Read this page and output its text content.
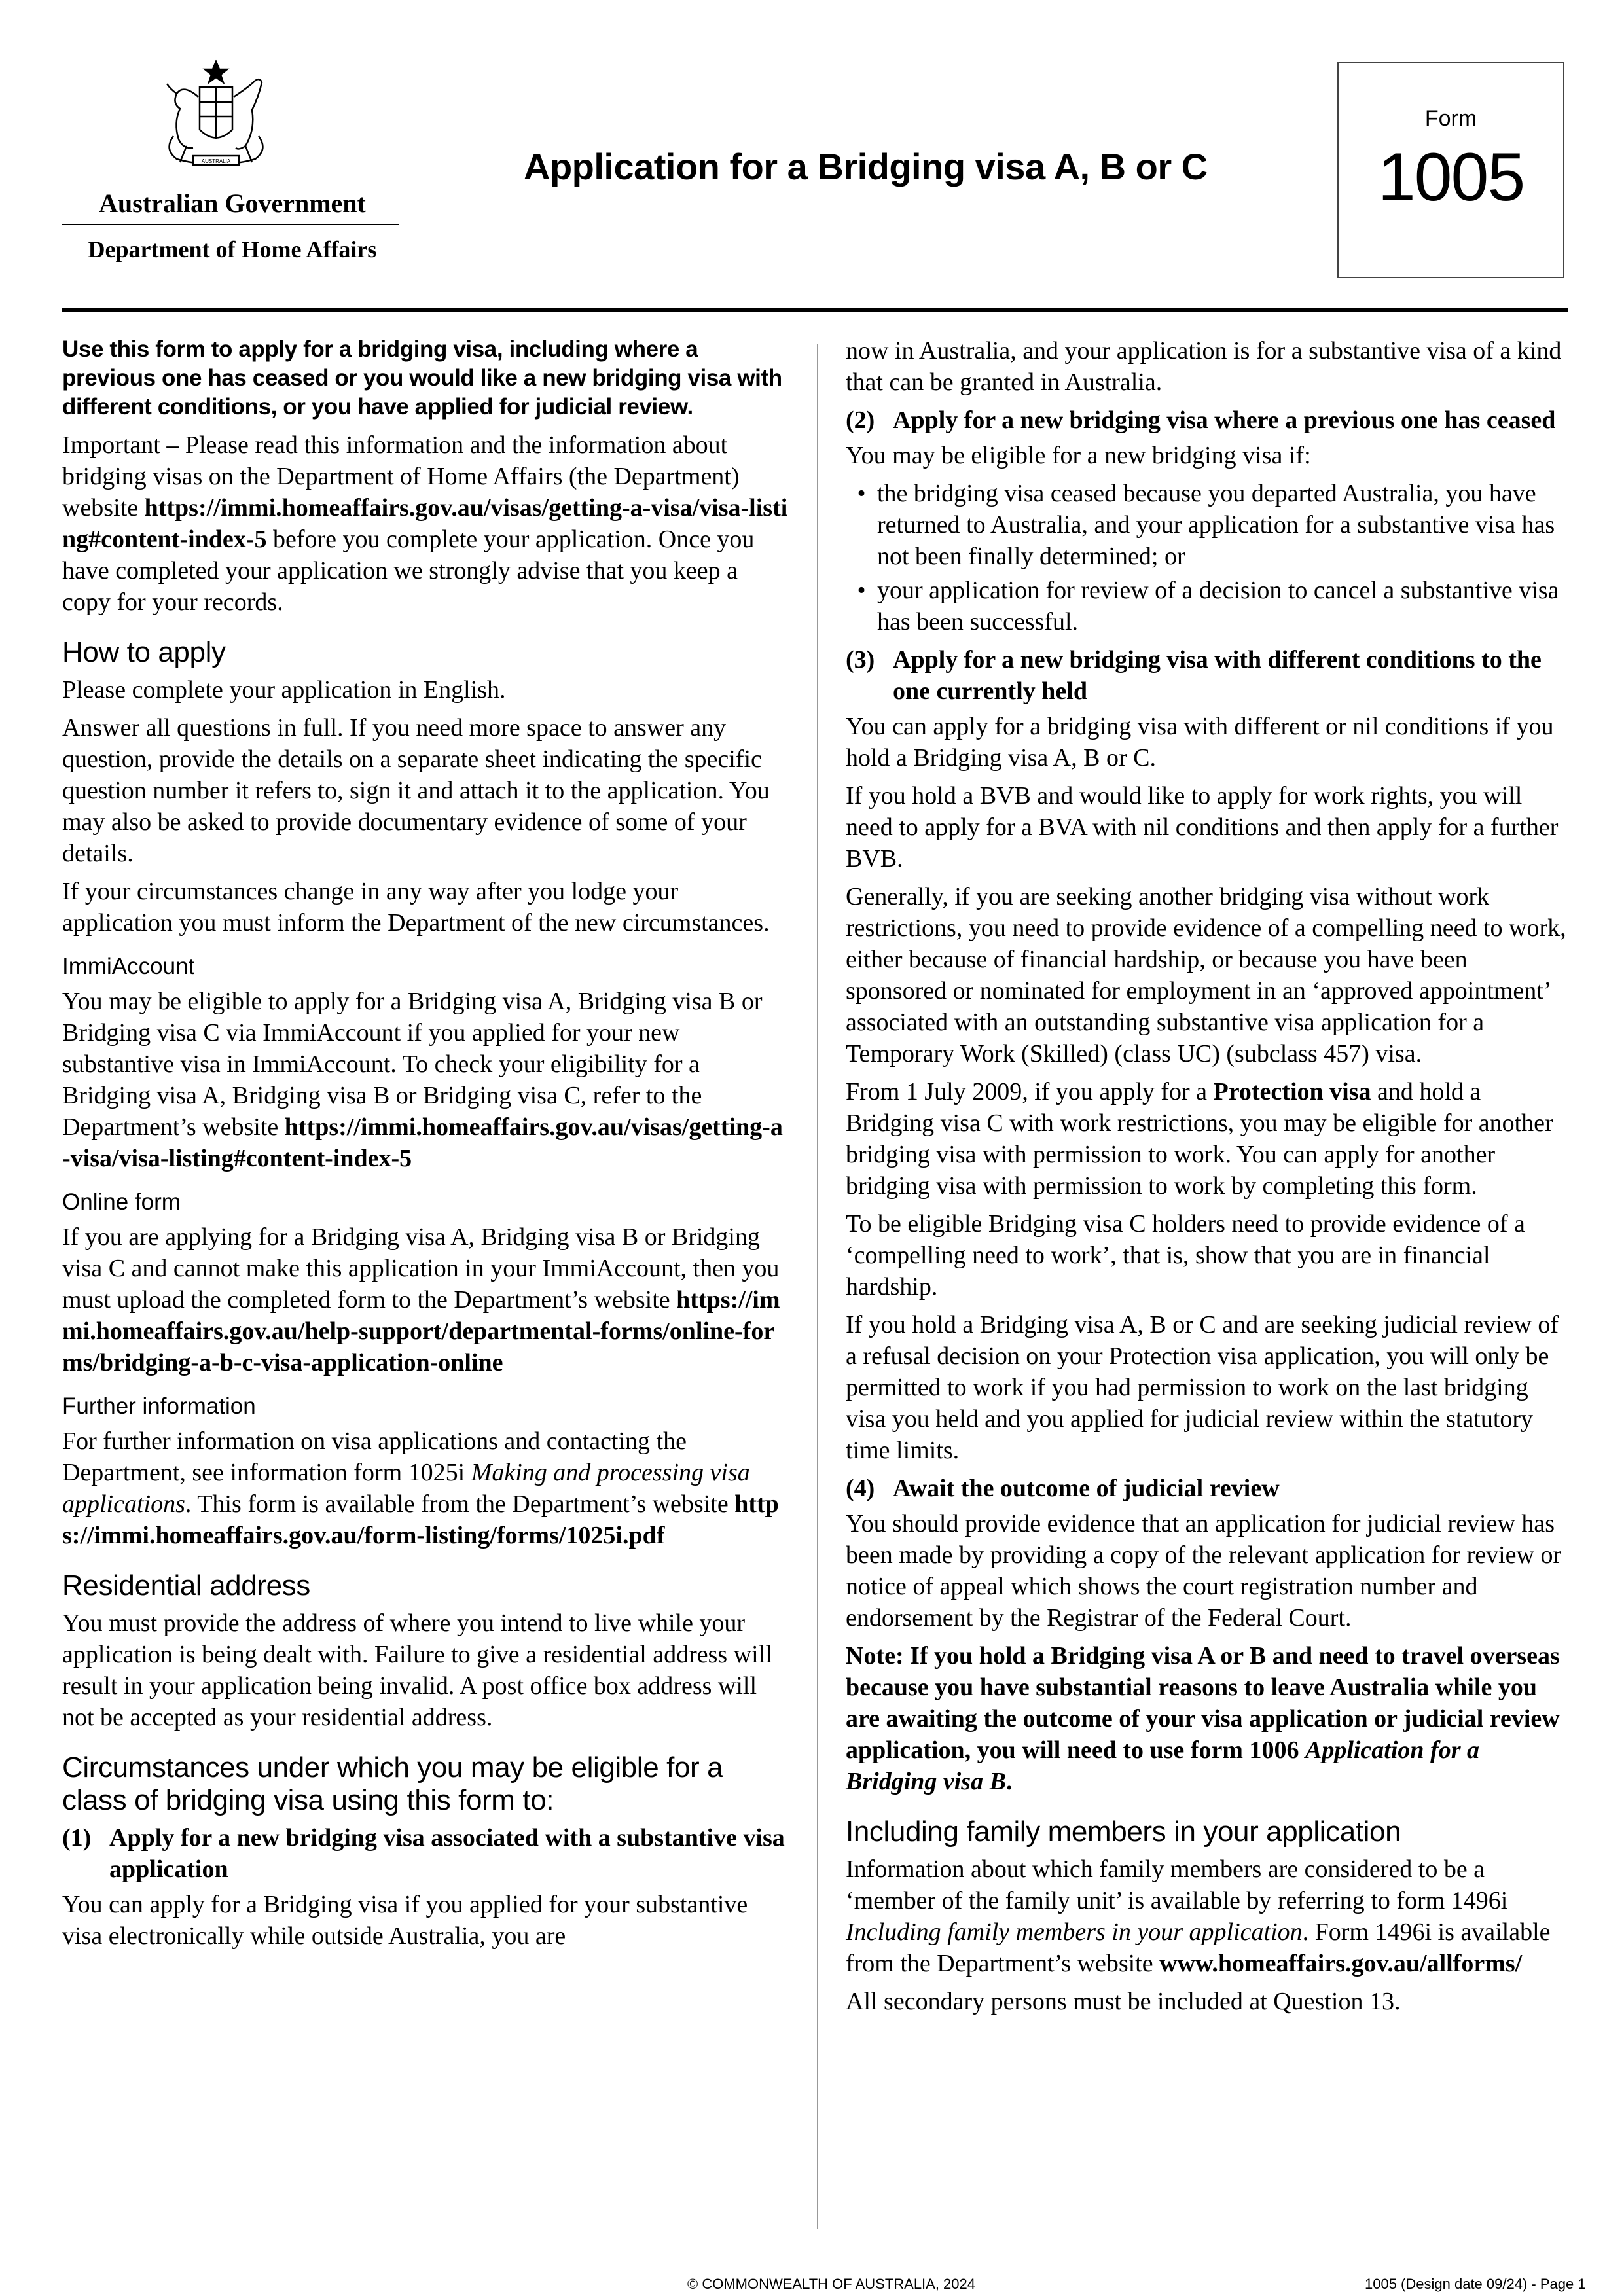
AUSTRALIA
Australian Government
Department of Home Affairs
Application for a Bridging visa A, B or C
Form
1005

Use this form to apply for a bridging visa, including where a previous one has ceased or you would like a new bridging visa with different conditions, or you have applied for judicial review.

Important – Please read this information and the information about bridging visas on the Department of Home Affairs (the Department) website https://immi.homeaffairs.gov.au/visas/getting-a-visa/visa-listing#content-index-5 before you complete your application. Once you have completed your application we strongly advise that you keep a copy for your records.

How to apply

Please complete your application in English.

Answer all questions in full. If you need more space to answer any question, provide the details on a separate sheet indicating the specific question number it refers to, sign it and attach it to the application. You may also be asked to provide documentary evidence of some of your details.

If your circumstances change in any way after you lodge your application you must inform the Department of the new circumstances.

ImmiAccount

You may be eligible to apply for a Bridging visa A, Bridging visa B or Bridging visa C via ImmiAccount if you applied for your new substantive visa in ImmiAccount. To check your eligibility for a Bridging visa A, Bridging visa B or Bridging visa C, refer to the Department’s website https://immi.homeaffairs.gov.au/visas/getting-a-visa/visa-listing#content-index-5

Online form

If you are applying for a Bridging visa A, Bridging visa B or Bridging visa C and cannot make this application in your ImmiAccount, then you must upload the completed form to the Department’s website https://immi.homeaffairs.gov.au/help-support/departmental-forms/online-forms/bridging-a-b-c-visa-application-online

Further information

For further information on visa applications and contacting the Department, see information form 1025i Making and processing visa applications. This form is available from the Department’s website https://immi.homeaffairs.gov.au/form-listing/forms/1025i.pdf

Residential address

You must provide the address of where you intend to live while your application is being dealt with. Failure to give a residential address will result in your application being invalid. A post office box address will not be accepted as your residential address.

Circumstances under which you may be eligible for a class of bridging visa using this form to:
(1) Apply for a new bridging visa associated with a substantive visa application

You can apply for a Bridging visa if you applied for your substantive visa electronically while outside Australia, you are

now in Australia, and your application is for a substantive visa of a kind that can be granted in Australia.

(2) Apply for a new bridging visa where a previous one has ceased

You may be eligible for a new bridging visa if:

• the bridging visa ceased because you departed Australia, you have returned to Australia, and your application for a substantive visa has not been finally determined; or
• your application for review of a decision to cancel a substantive visa has been successful.
(3) Apply for a new bridging visa with different conditions to the one currently held

You can apply for a bridging visa with different or nil conditions if you hold a Bridging visa A, B or C.

If you hold a BVB and would like to apply for work rights, you will need to apply for a BVA with nil conditions and then apply for a further BVB.

Generally, if you are seeking another bridging visa without work restrictions, you need to provide evidence of a compelling need to work, either because of financial hardship, or because you have been sponsored or nominated for employment in an ‘approved appointment’ associated with an outstanding substantive visa application for a Temporary Work (Skilled) (class UC) (subclass 457) visa.

From 1 July 2009, if you apply for a Protection visa and hold a Bridging visa C with work restrictions, you may be eligible for another bridging visa with permission to work. You can apply for another bridging visa with permission to work by completing this form.

To be eligible Bridging visa C holders need to provide evidence of a ‘compelling need to work’, that is, show that you are in financial hardship.

If you hold a Bridging visa A, B or C and are seeking judicial review of a refusal decision on your Protection visa application, you will only be permitted to work if you had permission to work on the last bridging visa you held and you applied for judicial review within the statutory time limits.

(4) Await the outcome of judicial review

You should provide evidence that an application for judicial review has been made by providing a copy of the relevant application for review or notice of appeal which shows the court registration number and endorsement by the Registrar of the Federal Court.

Note: If you hold a Bridging visa A or B and need to travel overseas because you have substantial reasons to leave Australia while you are awaiting the outcome of your visa application or judicial review application, you will need to use form 1006 Application for a Bridging visa B.

Including family members in your application

Information about which family members are considered to be a ‘member of the family unit’ is available by referring to form 1496i Including family members in your application. Form 1496i is available from the Department’s website www.homeaffairs.gov.au/allforms/

All secondary persons must be included at Question 13.

© COMMONWEALTH OF AUSTRALIA, 2024	1005 (Design date 09/24) - Page 1
